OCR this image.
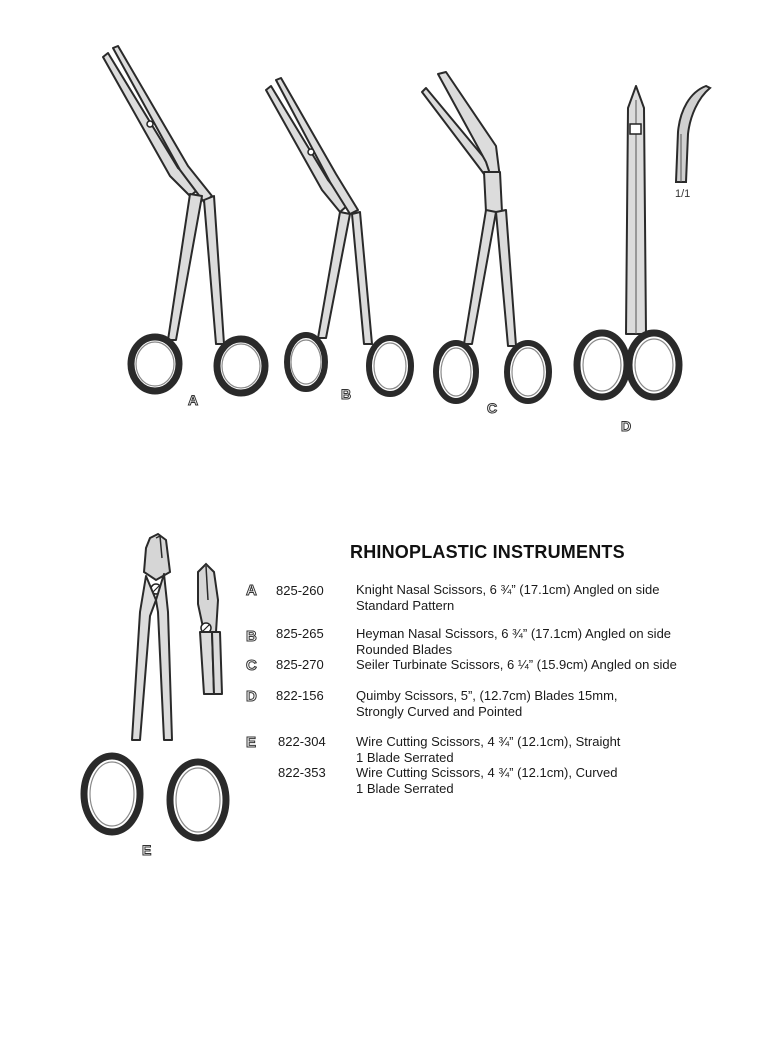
A	B
C
D
E
1/1
RHINOPLASTIC INSTRUMENTS
A	825-260 Knight Nasal Scissors, 6 ¾” (17.1cm) Angled on side
Standard Pattern
B	825-265 Heyman Nasal Scissors, 6 ¾” (17.1cm) Angled on side
Rounded Blades
C	825-270 Seiler Turbinate Scissors, 6 ¼” (15.9cm) Angled on side
D	822-156 Quimby Scissors, 5”, (12.7cm) Blades 15mm,
Strongly Curved and Pointed
E	822-304 Wire Cutting Scissors, 4 ¾” (12.1cm), Straight
1 Blade Serrated
822-353 Wire Cutting Scissors, 4 ¾” (12.1cm), Curved
1 Blade Serrated
